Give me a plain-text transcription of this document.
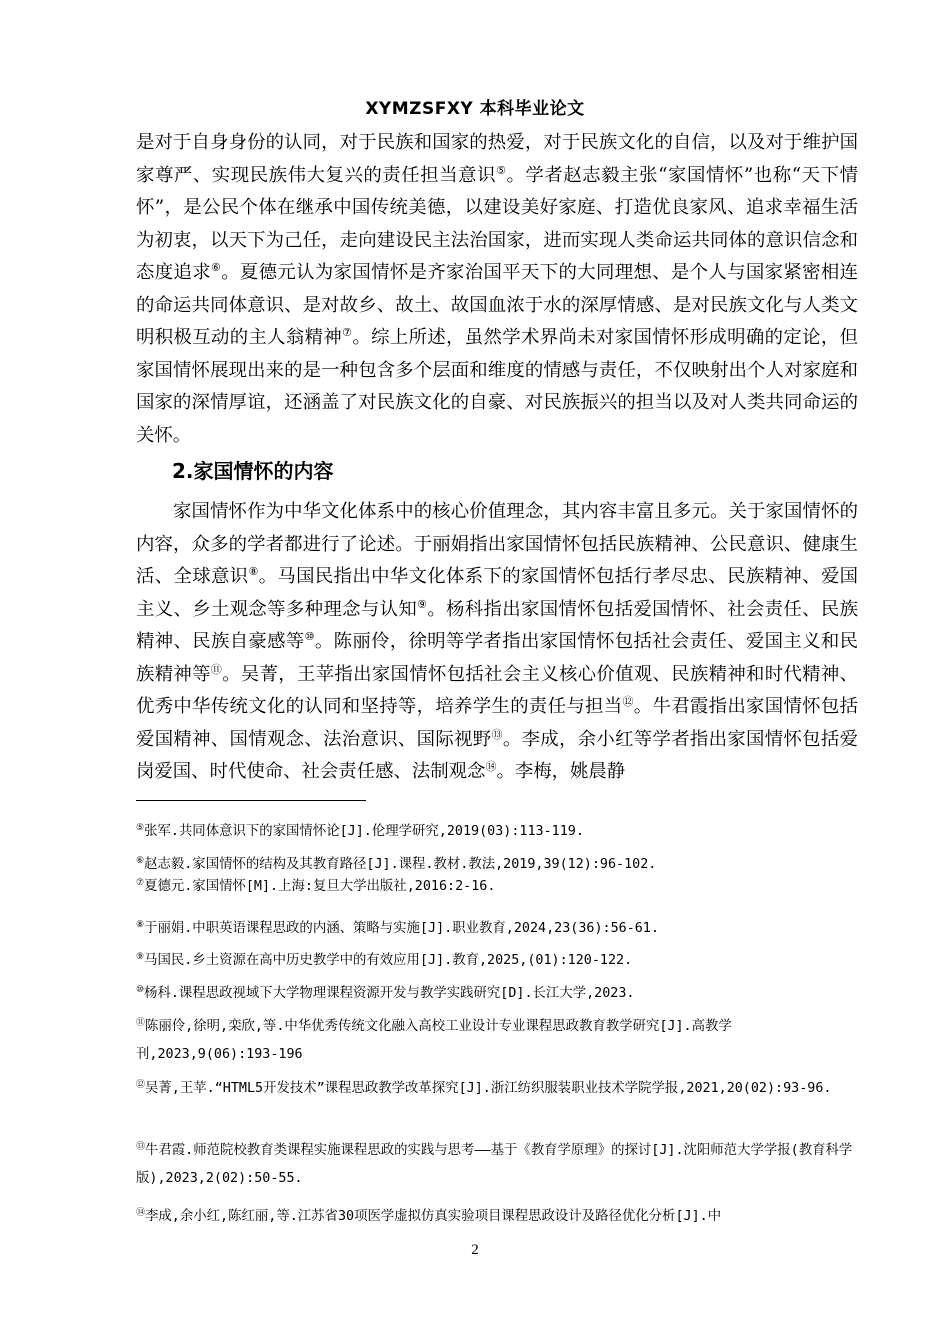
XYMZSFXY 本科毕业论文

是对于自身身份的认同，对于民族和国家的热爱，对于民族文化的自信，以及对于维护国家尊严、实现民族伟大复兴的责任担当意识⑤。学者赵志毅主张“家国情怀”也称“天下情怀”，是公民个体在继承中国传统美德，以建设美好家庭、打造优良家风、追求幸福生活为初衷，以天下为己任，走向建设民主法治国家，进而实现人类命运共同体的意识信念和态度追求⑥。夏德元认为家国情怀是齐家治国平天下的大同理想、是个人与国家紧密相连的命运共同体意识、是对故乡、故土、故国血浓于水的深厚情感、是对民族文化与人类文明积极互动的主人翁精神⑦。综上所述，虽然学术界尚未对家国情怀形成明确的定论，但家国情怀展现出来的是一种包含多个层面和维度的情感与责任，不仅映射出个人对家庭和国家的深情厚谊，还涵盖了对民族文化的自豪、对民族振兴的担当以及对人类共同命运的关怀。

2.家国情怀的内容

家国情怀作为中华文化体系中的核心价值理念，其内容丰富且多元。关于家国情怀的内容，众多的学者都进行了论述。于丽娟指出家国情怀包括民族精神、公民意识、健康生活、全球意识⑧。马国民指出中华文化体系下的家国情怀包括行孝尽忠、民族精神、爱国主义、乡土观念等多种理念与认知⑨。杨科指出家国情怀包括爱国情怀、社会责任、民族精神、民族自豪感等⑩。陈丽伶，徐明等学者指出家国情怀包括社会责任、爱国主义和民族精神等⑪。吴菁，王苹指出家国情怀包括社会主义核心价值观、民族精神和时代精神、优秀中华传统文化的认同和坚持等，培养学生的责任与担当⑫。牛君霞指出家国情怀包括爱国精神、国情观念、法治意识、国际视野⑬。李成，余小红等学者指出家国情怀包括爱岗爱国、时代使命、社会责任感、法制观念⑭。李梅，姚晨静

⑤张军.共同体意识下的家国情怀论[J].伦理学研究,2019(03):113-119.

⑥赵志毅.家国情怀的结构及其教育路径[J].课程.教材.教法,2019,39(12):96-102.

⑦夏德元.家国情怀[M].上海:复旦大学出版社,2016:2-16.

⑧于丽娟.中职英语课程思政的内涵、策略与实施[J].职业教育,2024,23(36):56-61.

⑨马国民.乡土资源在高中历史教学中的有效应用[J].教育,2025,(01):120-122.

⑩杨科.课程思政视域下大学物理课程资源开发与教学实践研究[D].长江大学,2023.

⑪陈丽伶,徐明,栾欣,等.中华优秀传统文化融入高校工业设计专业课程思政教育教学研究[J].高教学刊,2023,9(06):193-196

⑫吴菁,王苹.“HTML5开发技术”课程思政教学改革探究[J].浙江纺织服装职业技术学院学报,2021,20(02):93-96.

⑬牛君霞.师范院校教育类课程实施课程思政的实践与思考——基于《教育学原理》的探讨[J].沈阳师范大学学报(教育科学版),2023,2(02):50-55.

⑭李成,余小红,陈红丽,等.江苏省30项医学虚拟仿真实验项目课程思政设计及路径优化分析[J].中

2
